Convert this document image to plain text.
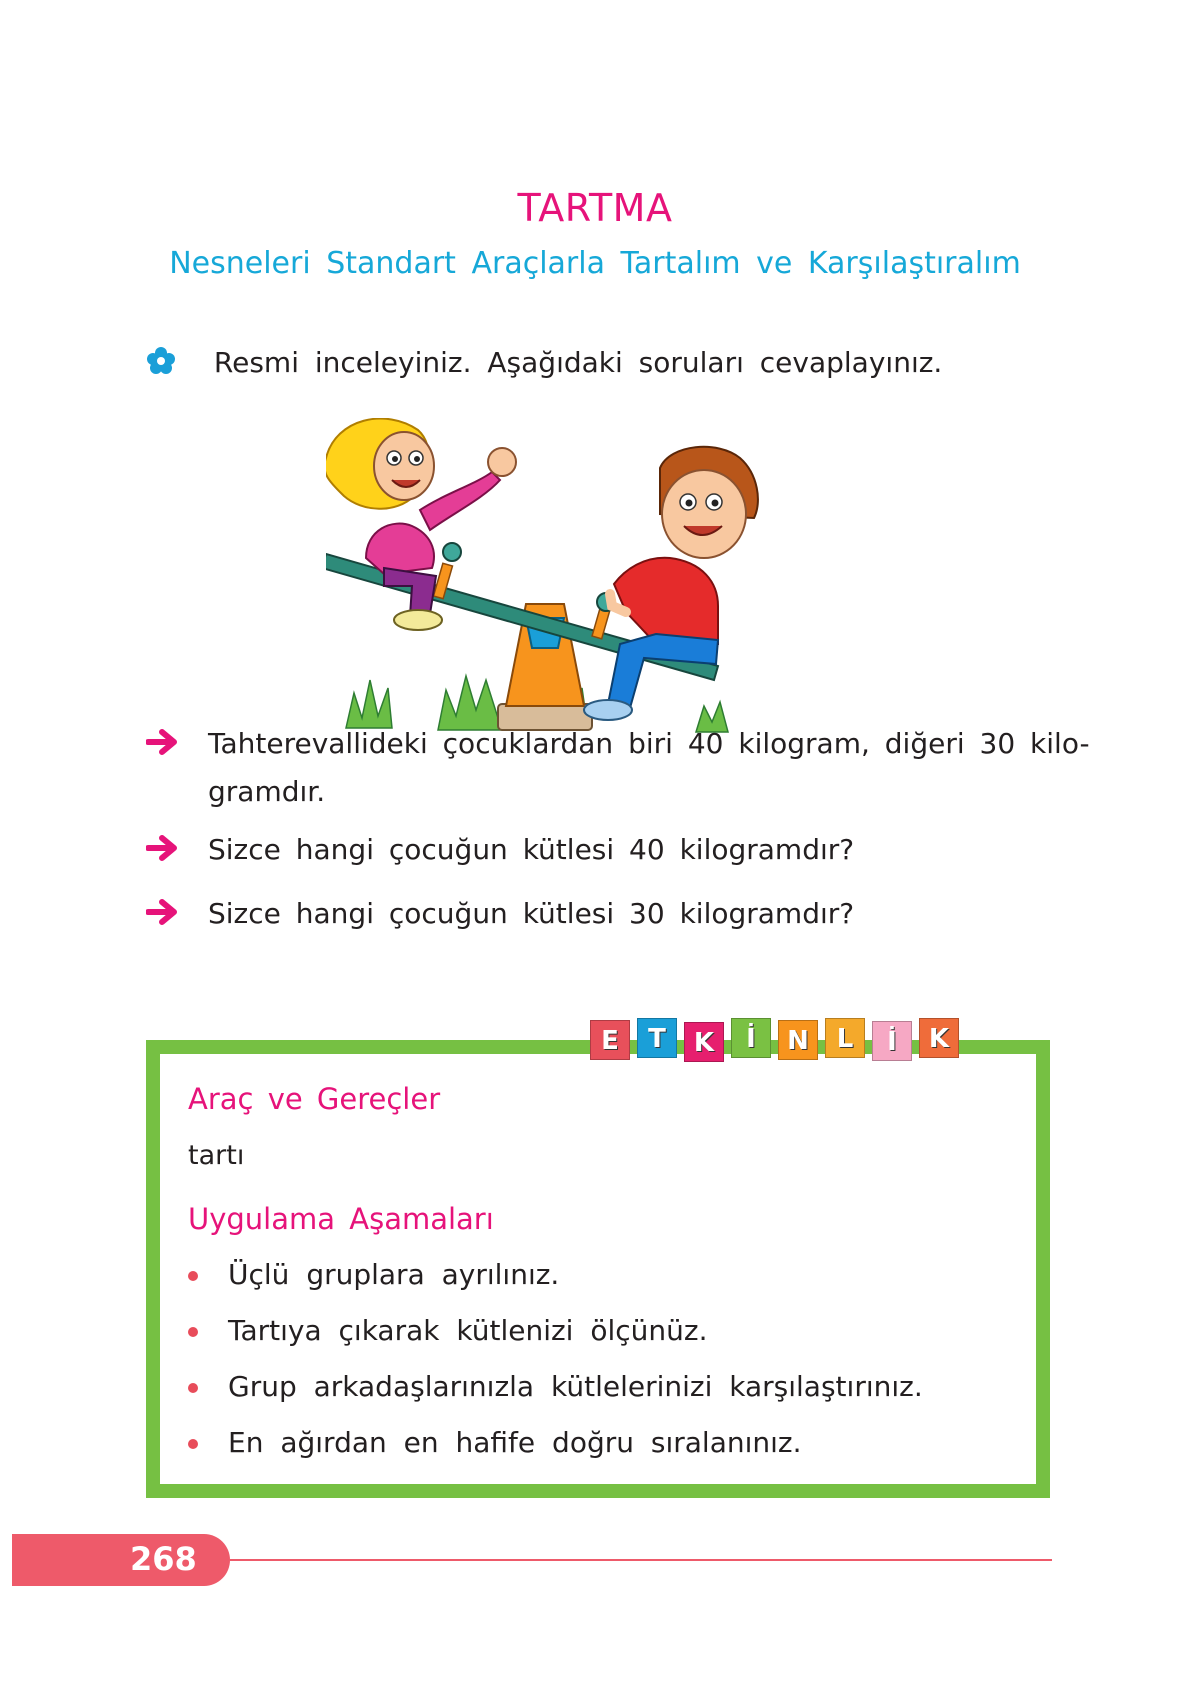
TARTMA
Nesneleri Standart Araçlarla Tartalım ve Karşılaştıralım
Resmi inceleyiniz. Aşağıdaki soruları cevaplayınız.
Tahterevallideki çocuklardan biri 40 kilogram, diğeri 30 kilo-
gramdır.
Sizce hangi çocuğun kütlesi 40 kilogramdır?
Sizce hangi çocuğun kütlesi 30 kilogramdır?
Araç ve Gereçler
tartı
Uygulama Aşamaları
Üçlü gruplara ayrılınız.
Tartıya çıkarak kütlenizi ölçünüz.
Grup arkadaşlarınızla kütlelerinizi karşılaştırınız.
En ağırdan en hafife doğru sıralanınız.
E	T	K	İ	N	L	İ	K
268
